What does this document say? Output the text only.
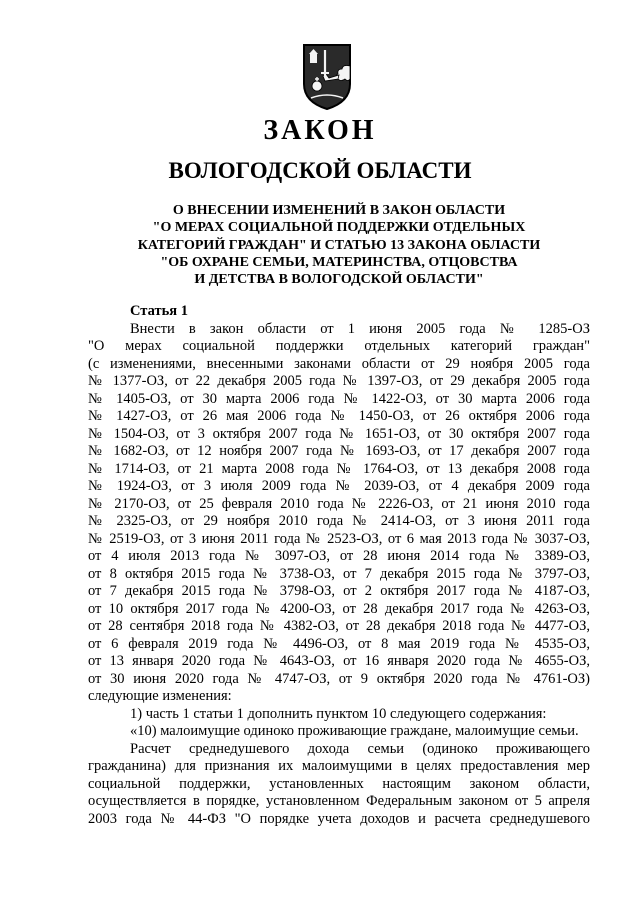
ЗАКОН
ВОЛОГОДСКОЙ ОБЛАСТИ
О ВНЕСЕНИИ ИЗМЕНЕНИЙ В ЗАКОН ОБЛАСТИ
"О МЕРАХ СОЦИАЛЬНОЙ ПОДДЕРЖКИ ОТДЕЛЬНЫХ
КАТЕГОРИЙ ГРАЖДАН" И СТАТЬЮ 13 ЗАКОНА ОБЛАСТИ
"ОБ ОХРАНЕ СЕМЬИ, МАТЕРИНСТВА, ОТЦОВСТВА
И ДЕТСТВА В ВОЛОГОДСКОЙ ОБЛАСТИ"
Статья 1
Внести в закон области от 1 июня 2005 года № 1285-ОЗ
"О мерах социальной поддержки отдельных категорий граждан"
(с изменениями, внесенными законами области от 29 ноября 2005 года
№ 1377-ОЗ, от 22 декабря 2005 года № 1397-ОЗ, от 29 декабря 2005 года
№ 1405-ОЗ, от 30 марта 2006 года № 1422-ОЗ, от 30 марта 2006 года
№ 1427-ОЗ, от 26 мая 2006 года № 1450-ОЗ, от 26 октября 2006 года
№ 1504-ОЗ, от 3 октября 2007 года № 1651-ОЗ, от 30 октября 2007 года
№ 1682-ОЗ, от 12 ноября 2007 года № 1693-ОЗ, от 17 декабря 2007 года
№ 1714-ОЗ, от 21 марта 2008 года № 1764-ОЗ, от 13 декабря 2008 года
№ 1924-ОЗ, от 3 июля 2009 года № 2039-ОЗ, от 4 декабря 2009 года
№ 2170-ОЗ, от 25 февраля 2010 года № 2226-ОЗ, от 21 июня 2010 года
№ 2325-ОЗ, от 29 ноября 2010 года № 2414-ОЗ, от 3 июня 2011 года
№ 2519-ОЗ, от 3 июня 2011 года № 2523-ОЗ, от 6 мая 2013 года № 3037-ОЗ,
от 4 июля 2013 года № 3097-ОЗ, от 28 июня 2014 года № 3389-ОЗ,
от 8 октября 2015 года № 3738-ОЗ, от 7 декабря 2015 года № 3797-ОЗ,
от 7 декабря 2015 года № 3798-ОЗ, от 2 октября 2017 года № 4187-ОЗ,
от 10 октября 2017 года № 4200-ОЗ, от 28 декабря 2017 года № 4263-ОЗ,
от 28 сентября 2018 года № 4382-ОЗ, от 28 декабря 2018 года № 4477-ОЗ,
от 6 февраля 2019 года № 4496-ОЗ, от 8 мая 2019 года № 4535-ОЗ,
от 13 января 2020 года № 4643-ОЗ, от 16 января 2020 года № 4655-ОЗ,
от 30 июня 2020 года № 4747-ОЗ, от 9 октября 2020 года № 4761-ОЗ)
следующие изменения:
1) часть 1 статьи 1 дополнить пунктом 10 следующего содержания:
«10) малоимущие одиноко проживающие граждане, малоимущие семьи.
Расчет среднедушевого дохода семьи (одиноко проживающего
гражданина) для признания их малоимущими в целях предоставления мер
социальной поддержки, установленных настоящим законом области,
осуществляется в порядке, установленном Федеральным законом от 5 апреля
2003 года № 44-ФЗ "О порядке учета доходов и расчета среднедушевого
